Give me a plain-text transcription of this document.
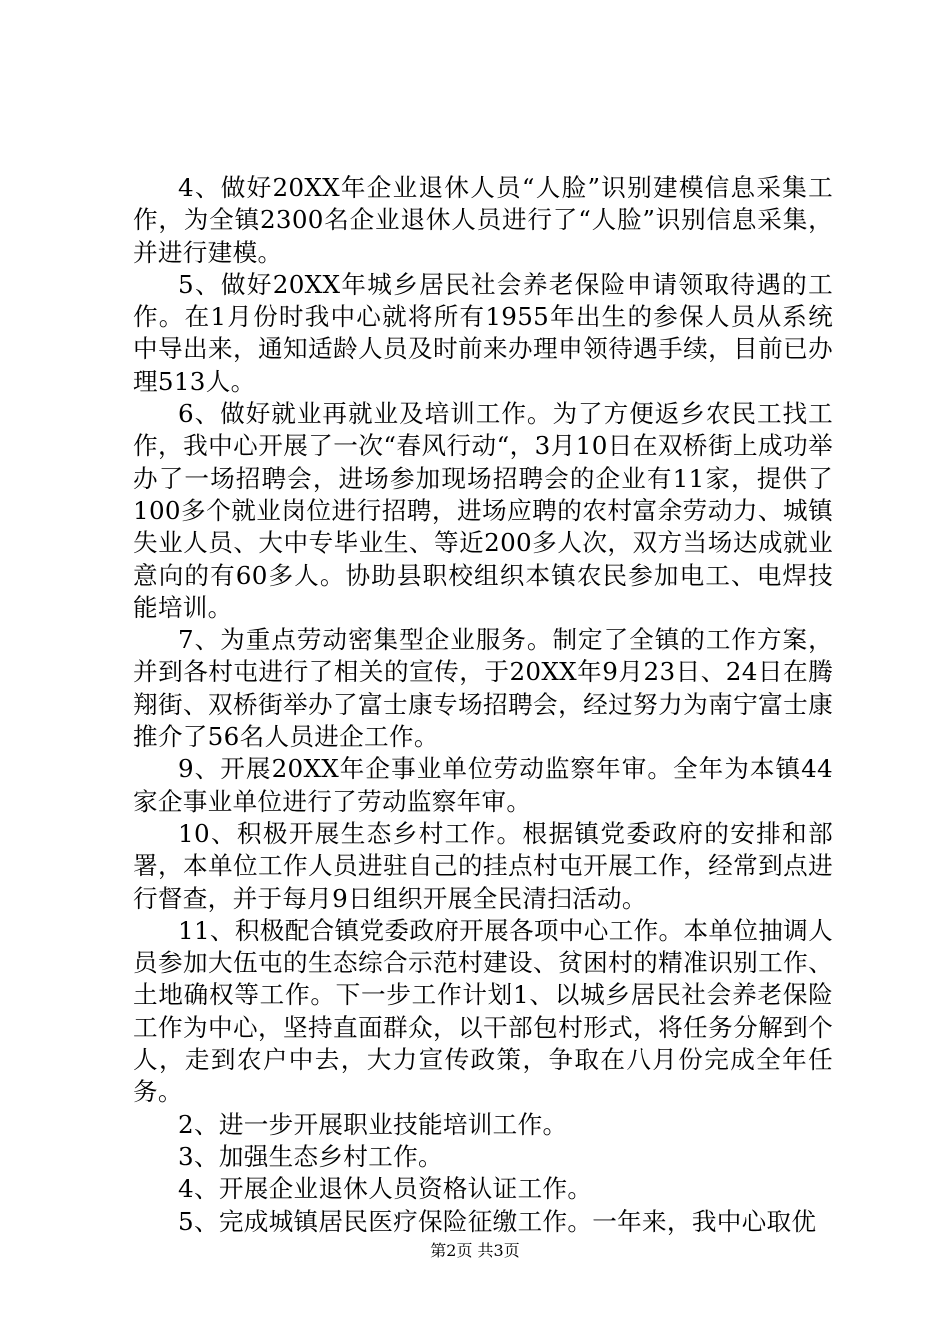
4、做好20XX年企业退休人员“人脸”识别建模信息采集工作，为全镇2300名企业退休人员进行了“人脸”识别信息采集，并进行建模。

5、做好20XX年城乡居民社会养老保险申请领取待遇的工作。在1月份时我中心就将所有1955年出生的参保人员从系统中导出来，通知适龄人员及时前来办理申领待遇手续，目前已办理513人。

6、做好就业再就业及培训工作。为了方便返乡农民工找工作，我中心开展了一次“春风行动“，3月10日在双桥街上成功举办了一场招聘会，进场参加现场招聘会的企业有11家，提供了100多个就业岗位进行招聘，进场应聘的农村富余劳动力、城镇失业人员、大中专毕业生、等近200多人次，双方当场达成就业意向的有60多人。协助县职校组织本镇农民参加电工、电焊技能培训。

7、为重点劳动密集型企业服务。制定了全镇的工作方案，并到各村屯进行了相关的宣传，于20XX年9月23日、24日在腾翔街、双桥街举办了富士康专场招聘会，经过努力为南宁富士康推介了56名人员进企工作。

9、开展20XX年企事业单位劳动监察年审。全年为本镇44家企事业单位进行了劳动监察年审。

10、积极开展生态乡村工作。根据镇党委政府的安排和部署，本单位工作人员进驻自己的挂点村屯开展工作，经常到点进行督查，并于每月9日组织开展全民清扫活动。

11、积极配合镇党委政府开展各项中心工作。本单位抽调人员参加大伍屯的生态综合示范村建设、贫困村的精准识别工作、土地确权等工作。下一步工作计划1、以城乡居民社会养老保险工作为中心，坚持直面群众，以干部包村形式，将任务分解到个人，走到农户中去，大力宣传政策，争取在八月份完成全年任务。

2、进一步开展职业技能培训工作。

3、加强生态乡村工作。

4、开展企业退休人员资格认证工作。

5、完成城镇居民医疗保险征缴工作。一年来，我中心取优

第2页 共3页
